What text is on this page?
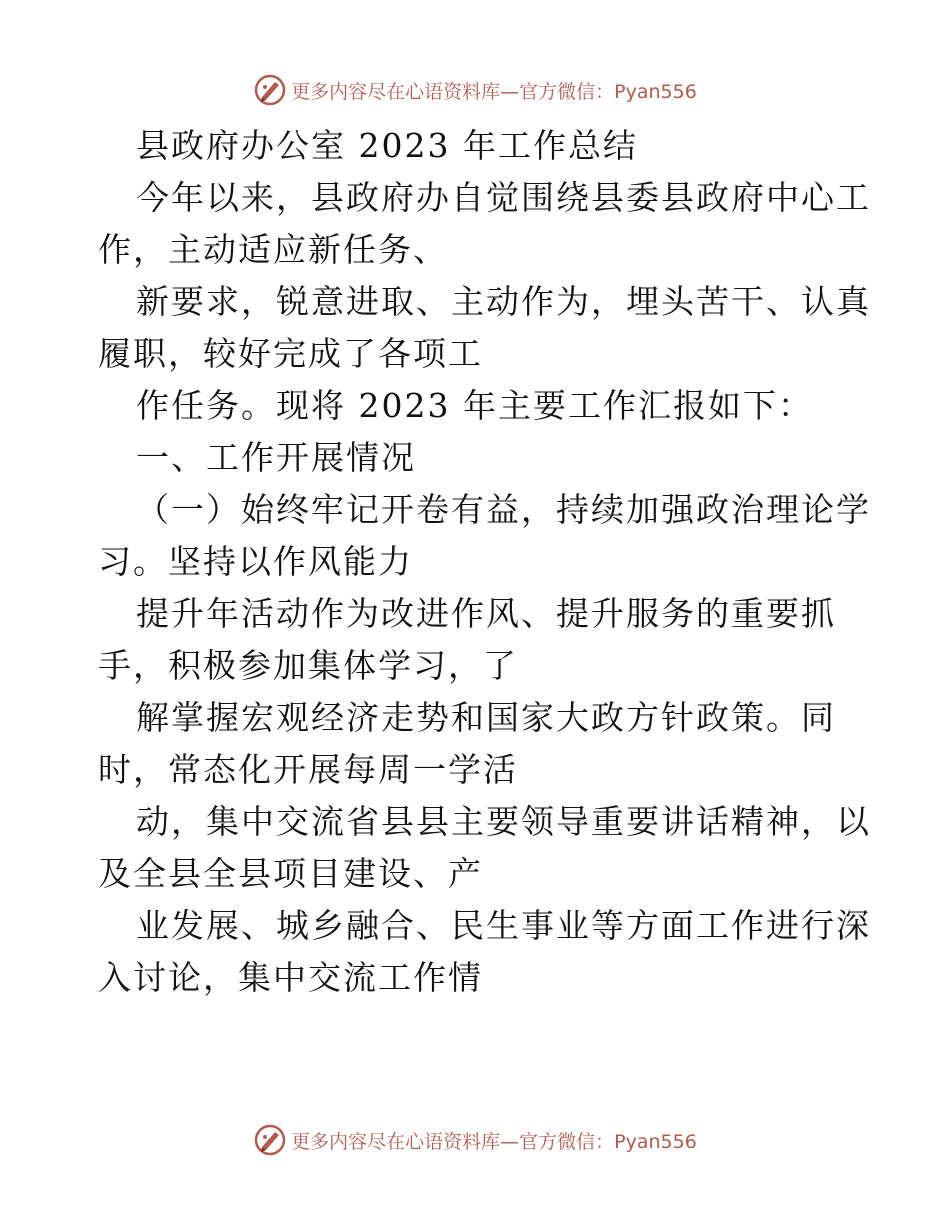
更多内容尽在心语资料库—官方微信：Pyan556
县政府办公室 2023 年工作总结
今年以来，县政府办自觉围绕县委县政府中心工
作，主动适应新任务、
新要求，锐意进取、主动作为，埋头苦干、认真
履职，较好完成了各项工
作任务。现将 2023 年主要工作汇报如下：
一、工作开展情况
（一）始终牢记开卷有益，持续加强政治理论学
习。坚持以作风能力
提升年活动作为改进作风、提升服务的重要抓
手，积极参加集体学习，了
解掌握宏观经济走势和国家大政方针政策。同
时，常态化开展每周一学活
动，集中交流省县县主要领导重要讲话精神，以
及全县全县项目建设、产
业发展、城乡融合、民生事业等方面工作进行深
入讨论，集中交流工作情
更多内容尽在心语资料库—官方微信：Pyan556
